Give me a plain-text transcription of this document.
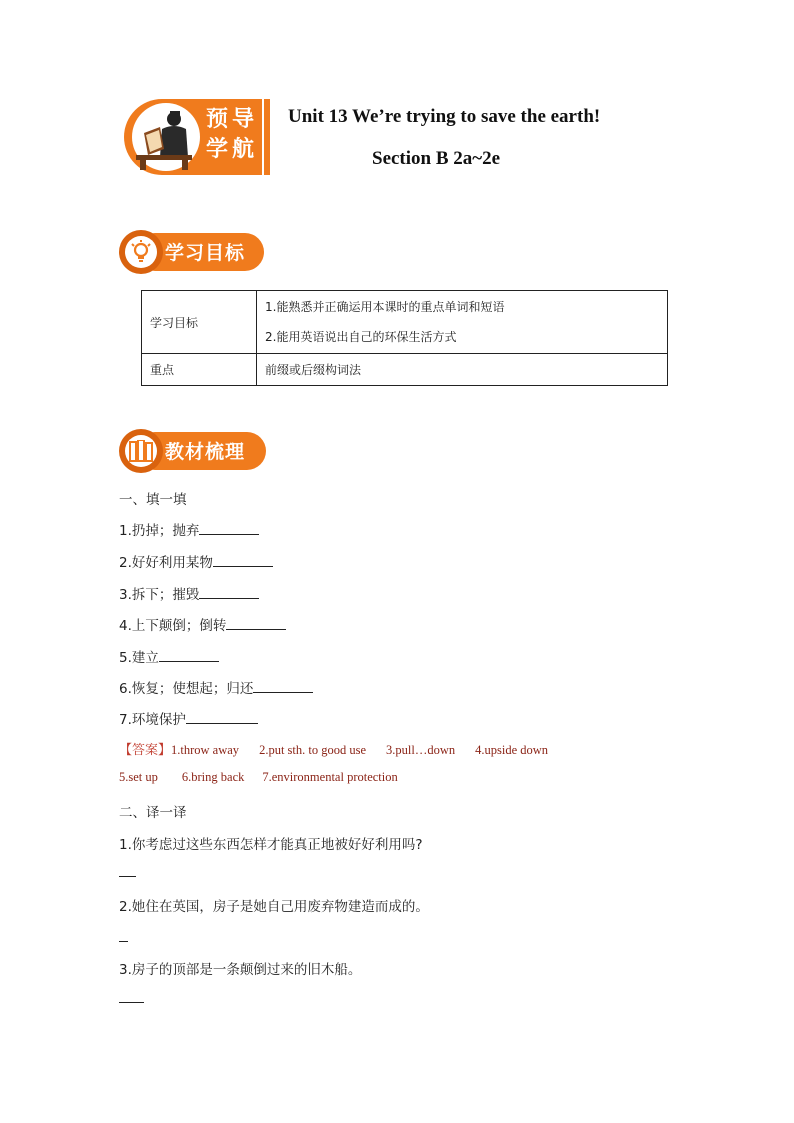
预导
学航
Unit 13 We’re trying to save the earth!
Section B 2a~2e
学习目标
学习目标	1.能熟悉并正确运用本课时的重点单词和短语
2.能用英语说出自己的环保生活方式

重点	前缀或后缀构词法
教材梳理
一、填一填
1.扔掉；抛弃
2.好好利用某物
3.拆下；摧毁
4.上下颠倒；倒转
5.建立
6.恢复；使想起；归还
7.环境保护
【答案】1.throw away 2.put sth. to good use 3.pull…down 4.upside down
5.set up 6.bring back 7.environmental protection
二、译一译
1.你考虑过这些东西怎样才能真正地被好好利用吗?
2.她住在英国，房子是她自己用废弃物建造而成的。
3.房子的顶部是一条颠倒过来的旧木船。
